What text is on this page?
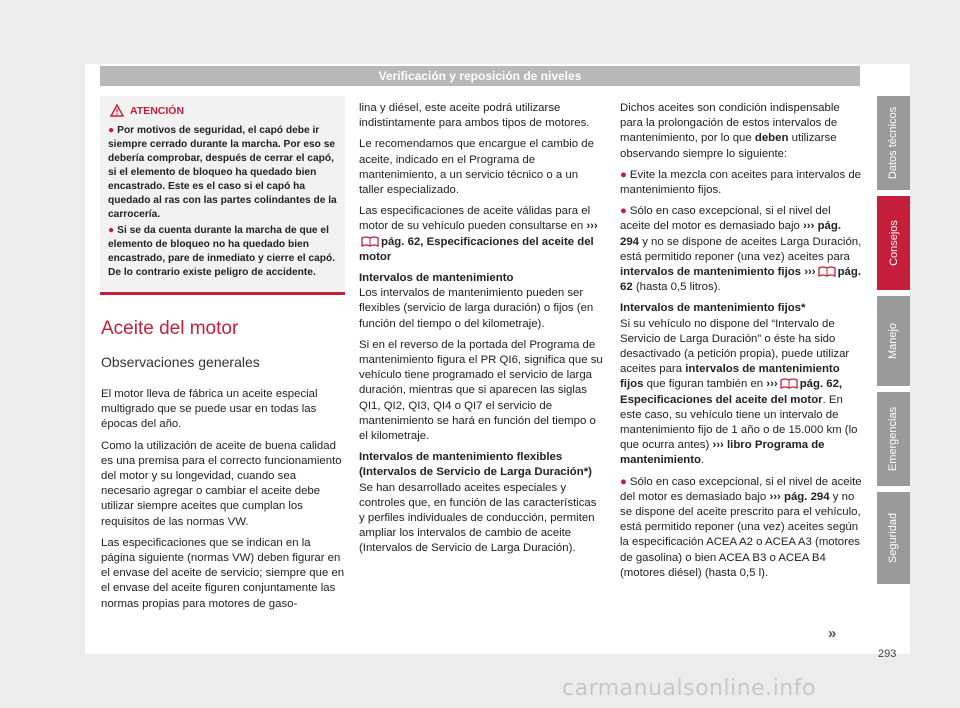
Verificación y reposición de niveles
ATENCIÓN

● Por motivos de seguridad, el capó debe ir siempre cerrado durante la marcha. Por eso se debería comprobar, después de cerrar el capó, si el elemento de bloqueo ha quedado bien encastrado. Este es el caso si el capó ha quedado al ras con las partes colindantes de la carrocería.

● Si se da cuenta durante la marcha de que el elemento de bloqueo no ha quedado bien encastrado, pare de inmediato y cierre el capó. De lo contrario existe peligro de accidente.

Aceite del motor
Observaciones generales

El motor lleva de fábrica un aceite especial multigrado que se puede usar en todas las épocas del año.

Como la utilización de aceite de buena calidad es una premisa para el correcto funcionamiento del motor y su longevidad, cuando sea necesario agregar o cambiar el aceite debe utilizar siempre aceites que cumplan los requisitos de las normas VW.

Las especificaciones que se indican en la página siguiente (normas VW) deben figurar en el envase del aceite de servicio; siempre que en el envase del aceite figuren conjuntamente las normas propias para motores de gaso-

lina y diésel, este aceite podrá utilizarse indistintamente para ambos tipos de motores.

Le recomendamos que encargue el cambio de aceite, indicado en el Programa de mantenimiento, a un servicio técnico o a un taller especializado.

Las especificaciones de aceite válidas para el motor de su vehículo pueden consultarse en ›››pág. 62, Especificaciones del aceite del motor

Intervalos de mantenimiento

Los intervalos de mantenimiento pueden ser flexibles (servicio de larga duración) o fijos (en función del tiempo o del kilometraje).

Si en el reverso de la portada del Programa de mantenimiento figura el PR QI6, significa que su vehículo tiene programado el servicio de larga duración, mientras que si aparecen las siglas QI1, QI2, QI3, QI4 o QI7 el servicio de mantenimiento se hará en función del tiempo o el kilometraje.

Intervalos de mantenimiento flexibles (Intervalos de Servicio de Larga Duración*)

Se han desarrollado aceites especiales y controles que, en función de las características y perfiles individuales de conducción, permiten ampliar los intervalos de cambio de aceite (Intervalos de Servicio de Larga Duración).

Dichos aceites son condición indispensable para la prolongación de estos intervalos de mantenimiento, por lo que deben utilizarse observando siempre lo siguiente:

● Evite la mezcla con aceites para intervalos de mantenimiento fijos.

● Sólo en caso excepcional, si el nivel del aceite del motor es demasiado bajo ››› pág. 294 y no se dispone de aceites Larga Duración, está permitido reponer (una vez) aceites para intervalos de mantenimiento fijos ››› pág. 62 (hasta 0,5 litros).

Intervalos de mantenimiento fijos*

Si su vehículo no dispone del “Intervalo de Servicio de Larga Duración” o éste ha sido desactivado (a petición propia), puede utilizar aceites para intervalos de mantenimiento fijos que figuran también en ››› pág. 62, Especificaciones del aceite del motor. En este caso, su vehículo tiene un intervalo de mantenimiento fijo de 1 año o de 15.000 km (lo que ocurra antes) ››› libro Programa de mantenimiento.

● Sólo en caso excepcional, si el nivel de aceite del motor es demasiado bajo ››› pág. 294 y no se dispone del aceite prescrito para el vehículo, está permitido reponer (una vez) aceites según la especificación ACEA A2 o ACEA A3 (motores de gasolina) o bien ACEA B3 o ACEA B4 (motores diésel) (hasta 0,5 l).

Datos técnicos
Consejos
Manejo
Emergencias
Seguridad
»
293
carmanualsonline.info
